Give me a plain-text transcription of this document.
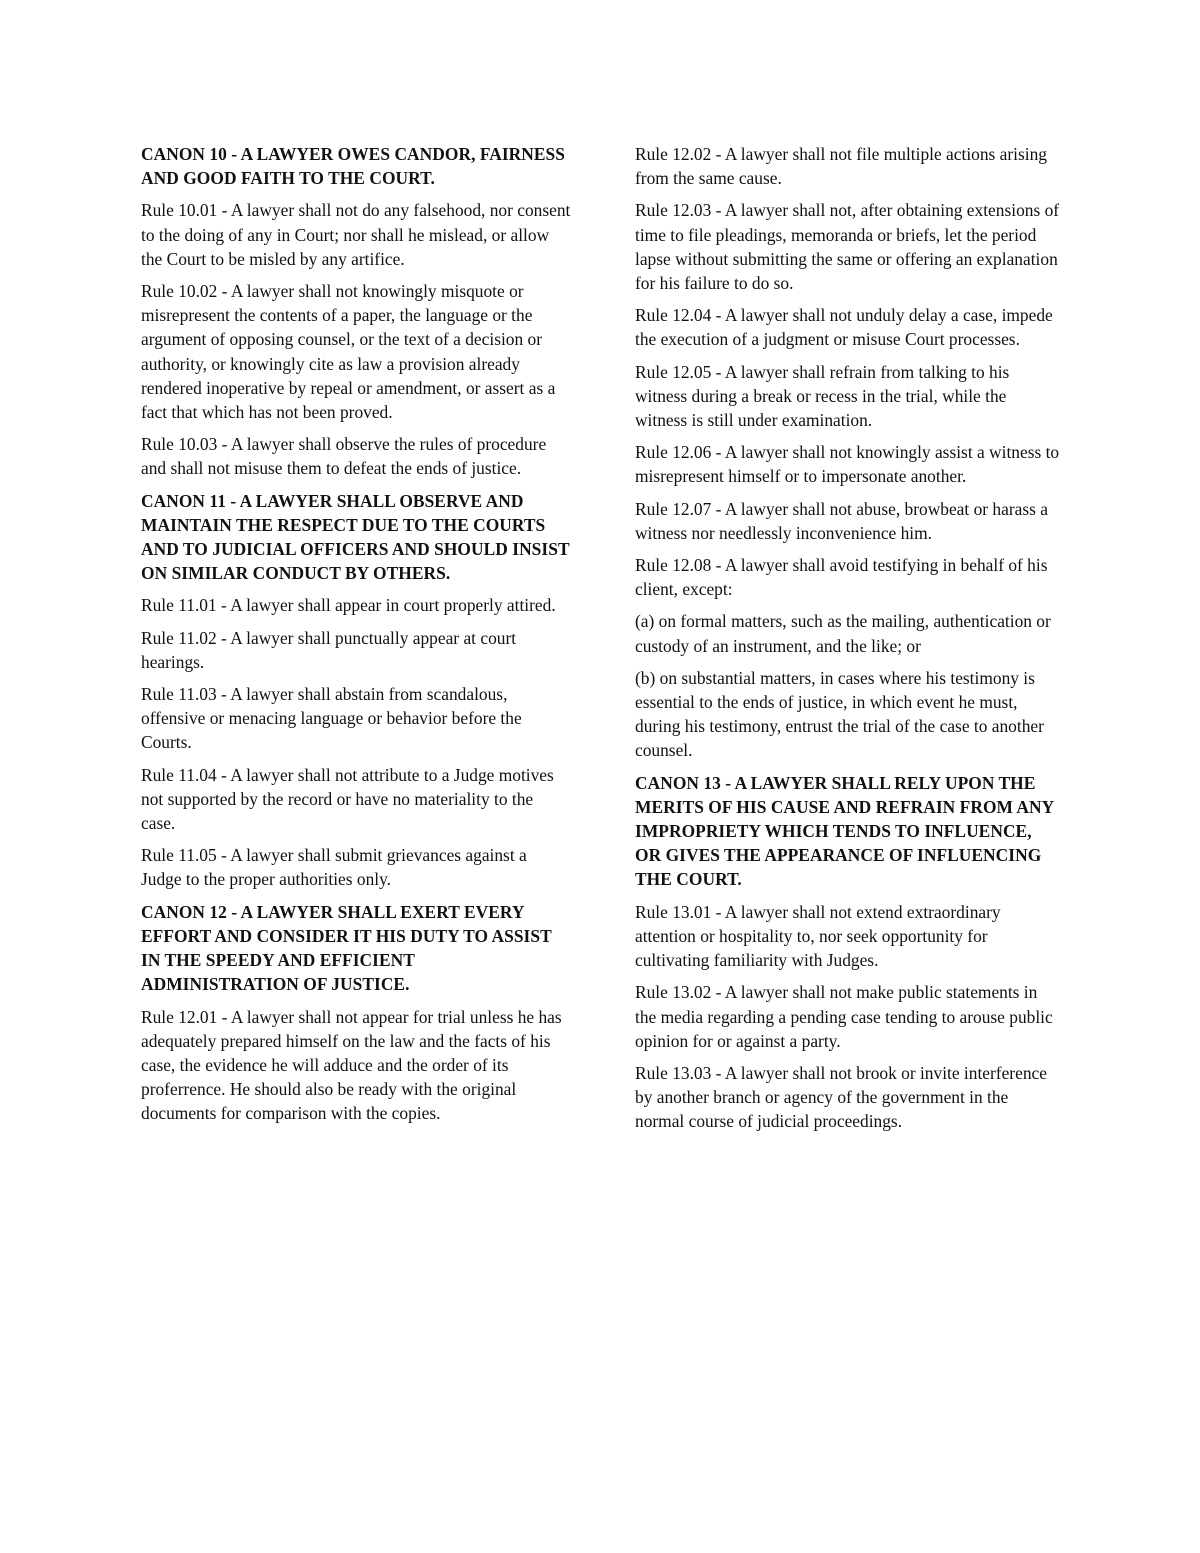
CANON 10 - A LAWYER OWES CANDOR, FAIRNESS AND GOOD FAITH TO THE COURT.
Rule 10.01 - A lawyer shall not do any falsehood, nor consent to the doing of any in Court; nor shall he mislead, or allow the Court to be misled by any artifice.
Rule 10.02 - A lawyer shall not knowingly misquote or misrepresent the contents of a paper, the language or the argument of opposing counsel, or the text of a decision or authority, or knowingly cite as law a provision already rendered inoperative by repeal or amendment, or assert as a fact that which has not been proved.
Rule 10.03 - A lawyer shall observe the rules of procedure and shall not misuse them to defeat the ends of justice.
CANON 11 - A LAWYER SHALL OBSERVE AND MAINTAIN THE RESPECT DUE TO THE COURTS AND TO JUDICIAL OFFICERS AND SHOULD INSIST ON SIMILAR CONDUCT BY OTHERS.
Rule 11.01 - A lawyer shall appear in court properly attired.
Rule 11.02 - A lawyer shall punctually appear at court hearings.
Rule 11.03 - A lawyer shall abstain from scandalous, offensive or menacing language or behavior before the Courts.
Rule 11.04 - A lawyer shall not attribute to a Judge motives not supported by the record or have no materiality to the case.
Rule 11.05 - A lawyer shall submit grievances against a Judge to the proper authorities only.
CANON 12 - A LAWYER SHALL EXERT EVERY EFFORT AND CONSIDER IT HIS DUTY TO ASSIST IN THE SPEEDY AND EFFICIENT ADMINISTRATION OF JUSTICE.
Rule 12.01 - A lawyer shall not appear for trial unless he has adequately prepared himself on the law and the facts of his case, the evidence he will adduce and the order of its proferrence. He should also be ready with the original documents for comparison with the copies.
Rule 12.02 - A lawyer shall not file multiple actions arising from the same cause.
Rule 12.03 - A lawyer shall not, after obtaining extensions of time to file pleadings, memoranda or briefs, let the period lapse without submitting the same or offering an explanation for his failure to do so.
Rule 12.04 - A lawyer shall not unduly delay a case, impede the execution of a judgment or misuse Court processes.
Rule 12.05 - A lawyer shall refrain from talking to his witness during a break or recess in the trial, while the witness is still under examination.
Rule 12.06 - A lawyer shall not knowingly assist a witness to misrepresent himself or to impersonate another.
Rule 12.07 - A lawyer shall not abuse, browbeat or harass a witness nor needlessly inconvenience him.
Rule 12.08 - A lawyer shall avoid testifying in behalf of his client, except:
(a) on formal matters, such as the mailing, authentication or custody of an instrument, and the like; or
(b) on substantial matters, in cases where his testimony is essential to the ends of justice, in which event he must, during his testimony, entrust the trial of the case to another counsel.
CANON 13 - A LAWYER SHALL RELY UPON THE MERITS OF HIS CAUSE AND REFRAIN FROM ANY IMPROPRIETY WHICH TENDS TO INFLUENCE, OR GIVES THE APPEARANCE OF INFLUENCING THE COURT.
Rule 13.01 - A lawyer shall not extend extraordinary attention or hospitality to, nor seek opportunity for cultivating familiarity with Judges.
Rule 13.02 - A lawyer shall not make public statements in the media regarding a pending case tending to arouse public opinion for or against a party.
Rule 13.03 - A lawyer shall not brook or invite interference by another branch or agency of the government in the normal course of judicial proceedings.
